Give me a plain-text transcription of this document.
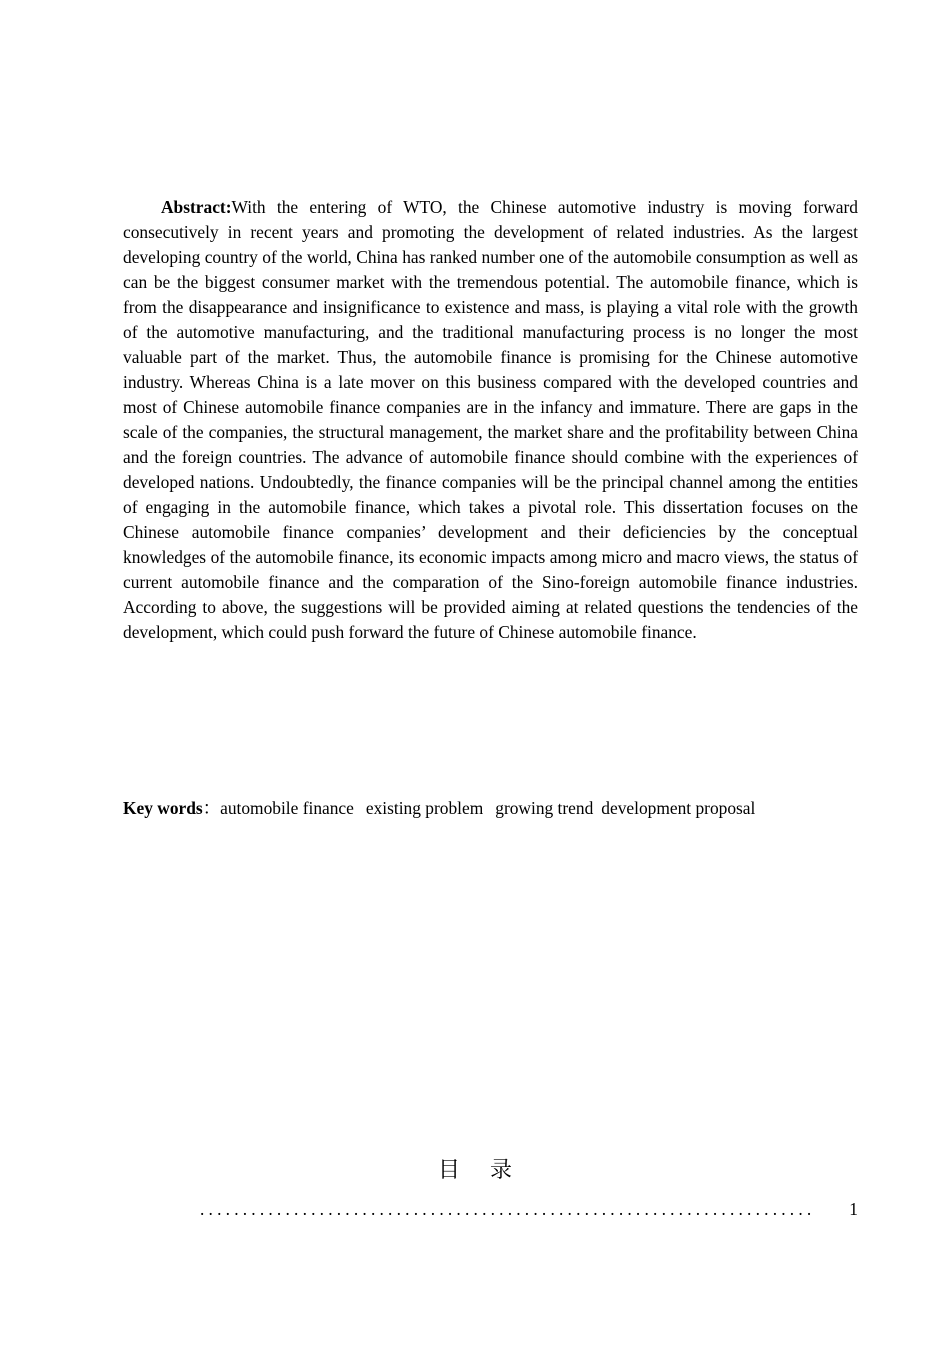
Abstract:With the entering of WTO, the Chinese automotive industry is moving forward consecutively in recent years and promoting the development of related industries. As the largest developing country of the world, China has ranked number one of the automobile consumption as well as can be the biggest consumer market with the tremendous potential. The automobile finance, which is from the disappearance and insignificance to existence and mass, is playing a vital role with the growth of the automotive manufacturing, and the traditional manufacturing process is no longer the most valuable part of the market. Thus, the automobile finance is promising for the Chinese automotive industry. Whereas China is a late mover on this business compared with the developed countries and most of Chinese automobile finance companies are in the infancy and immature. There are gaps in the scale of the companies, the structural management, the market share and the profitability between China and the foreign countries. The advance of automobile finance should combine with the experiences of developed nations. Undoubtedly, the finance companies will be the principal channel among the entities of engaging in the automobile finance, which takes a pivotal role. This dissertation focuses on the Chinese automobile finance companies’ development and their deficiencies by the conceptual knowledges of the automobile finance, its economic impacts among micro and macro views, the status of current automobile finance and the comparation of the Sino-foreign automobile finance industries. According to above, the suggestions will be provided aiming at related questions the tendencies of the development, which could push forward the future of Chinese automobile finance.

Key words：automobile finance existing problem growing trend development proposal

目 录
........................................................................	1
